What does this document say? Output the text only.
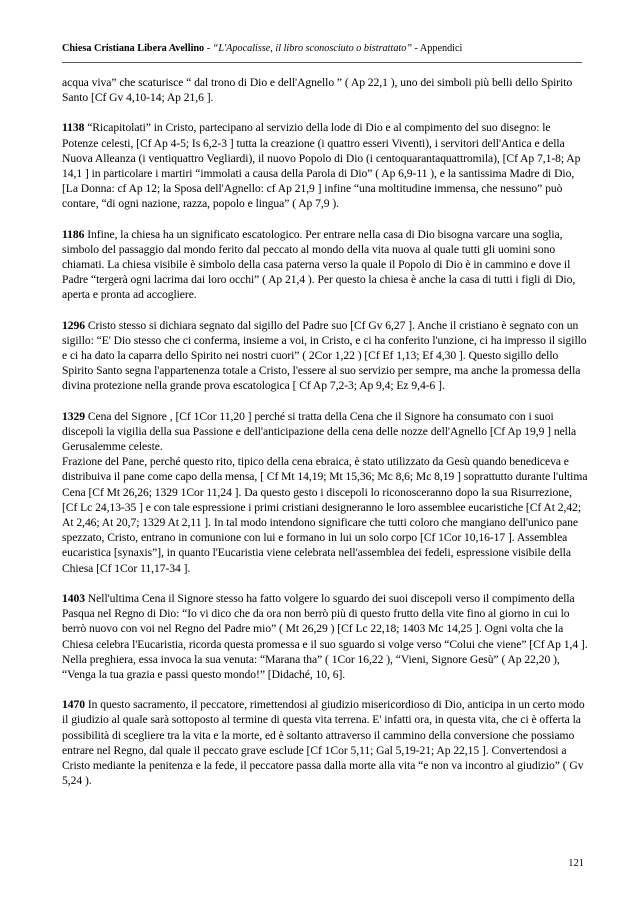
Chiesa Cristiana Libera Avellino - “L'Apocalisse, il libro sconosciuto o bistrattato” - Appendici

acqua viva” che scaturisce “ dal trono di Dio e dell'Agnello ” ( Ap 22,1 ), uno dei simboli più belli dello Spirito Santo [Cf Gv 4,10-14; Ap 21,6 ].

1138 “Ricapitolati” in Cristo, partecipano al servizio della lode di Dio e al compimento del suo disegno: le Potenze celesti, [Cf Ap 4-5; Is 6,2-3 ] tutta la creazione (i quattro esseri Viventi), i servitori dell'Antica e della Nuova Alleanza (i ventiquattro Vegliardi), il nuovo Popolo di Dio (i centoquarantaquattromila), [Cf Ap 7,1-8; Ap 14,1 ] in particolare i martiri “immolati a causa della Parola di Dio” ( Ap 6,9-11 ), e la santissima Madre di Dio, [La Donna: cf Ap 12; la Sposa dell'Agnello: cf Ap 21,9 ] infine “una moltitudine immensa, che nessuno” può contare, “di ogni nazione, razza, popolo e lingua” ( Ap 7,9 ).

1186 Infine, la chiesa ha un significato escatologico. Per entrare nella casa di Dio bisogna varcare una soglia, simbolo del passaggio dal mondo ferito dal peccato al mondo della vita nuova al quale tutti gli uomini sono chiamati. La chiesa visibile è simbolo della casa paterna verso la quale il Popolo di Dio è in cammino e dove il Padre “tergerà ogni lacrima dai loro occhi” ( Ap 21,4 ). Per questo la chiesa è anche la casa di tutti i figli di Dio, aperta e pronta ad accogliere.

1296 Cristo stesso si dichiara segnato dal sigillo del Padre suo [Cf Gv 6,27 ]. Anche il cristiano è segnato con un sigillo: “E' Dio stesso che ci conferma, insieme a voi, in Cristo, e ci ha conferito l'unzione, ci ha impresso il sigillo e ci ha dato la caparra dello Spirito nei nostri cuori” ( 2Cor 1,22 ) [Cf Ef 1,13; Ef 4,30 ]. Questo sigillo dello Spirito Santo segna l'appartenenza totale a Cristo, l'essere al suo servizio per sempre, ma anche la promessa della divina protezione nella grande prova escatologica [ Cf Ap 7,2-3; Ap 9,4; Ez 9,4-6 ].

1329 Cena del Signore , [Cf 1Cor 11,20 ] perché si tratta della Cena che il Signore ha consumato con i suoi discepoli la vigilia della sua Passione e dell'anticipazione della cena delle nozze dell'Agnello [Cf Ap 19,9 ] nella Gerusalemme celeste.
Frazione del Pane, perché questo rito, tipico della cena ebraica, è stato utilizzato da Gesù quando benediceva e distribuiva il pane come capo della mensa, [ Cf Mt 14,19; Mt 15,36; Mc 8,6; Mc 8,19 ] soprattutto durante l'ultima Cena [Cf Mt 26,26; 1329 1Cor 11,24 ]. Da questo gesto i discepoli lo riconosceranno dopo la sua Risurrezione, [Cf Lc 24,13-35 ] e con tale espressione i primi cristiani designeranno le loro assemblee eucaristiche [Cf At 2,42; At 2,46; At 20,7; 1329 At 2,11 ]. In tal modo intendono significare che tutti coloro che mangiano dell'unico pane spezzato, Cristo, entrano in comunione con lui e formano in lui un solo corpo [Cf 1Cor 10,16-17 ]. Assemblea eucaristica [synaxis”], in quanto l'Eucaristia viene celebrata nell'assemblea dei fedeli, espressione visibile della Chiesa [Cf 1Cor 11,17-34 ].

1403 Nell'ultima Cena il Signore stesso ha fatto volgere lo sguardo dei suoi discepoli verso il compimento della Pasqua nel Regno di Dio: “Io vi dico che da ora non berrò più di questo frutto della vite fino al giorno in cui lo berrò nuovo con voi nel Regno del Padre mio” ( Mt 26,29 ) [Cf Lc 22,18; 1403 Mc 14,25 ]. Ogni volta che la Chiesa celebra l'Eucaristia, ricorda questa promessa e il suo sguardo si volge verso “Colui che viene” [Cf Ap 1,4 ]. Nella preghiera, essa invoca la sua venuta: “Marana tha” ( 1Cor 16,22 ), “Vieni, Signore Gesù” ( Ap 22,20 ), “Venga la tua grazia e passi questo mondo!” [Didaché, 10, 6].

1470 In questo sacramento, il peccatore, rimettendosi al giudizio misericordioso di Dio, anticipa in un certo modo il giudizio al quale sarà sottoposto al termine di questa vita terrena. E' infatti ora, in questa vita, che ci è offerta la possibilità di scegliere tra la vita e la morte, ed è soltanto attraverso il cammino della conversione che possiamo entrare nel Regno, dal quale il peccato grave esclude [Cf 1Cor 5,11; Gal 5,19-21; Ap 22,15 ]. Convertendosi a Cristo mediante la penitenza e la fede, il peccatore passa dalla morte alla vita “e non va incontro al giudizio” ( Gv 5,24 ).

121
